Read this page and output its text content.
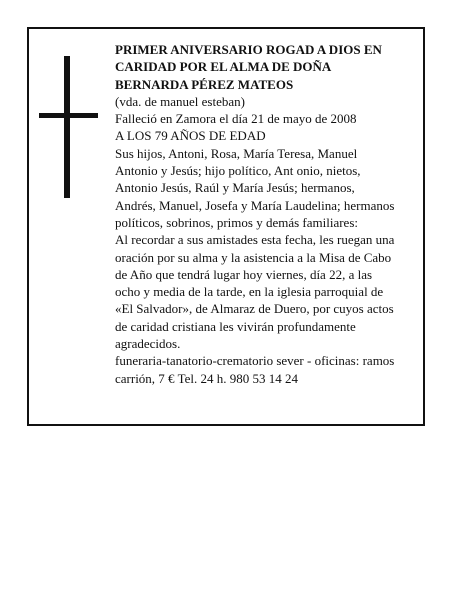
PRIMER ANIVERSARIO ROGAD A DIOS EN CARIDAD POR EL ALMA DE DOÑA BERNARDA PÉREZ MATEOS

(vda. de manuel esteban)

Falleció en Zamora el día 21 de mayo de 2008

A LOS 79 AÑOS DE EDAD

Sus hijos, Antoni, Rosa, María Teresa, Manuel Antonio y Jesús; hijo político, Ant onio, nietos, Antonio Jesús, Raúl y María Jesús; hermanos, Andrés, Manuel, Josefa y María Laudelina; hermanos políticos, sobrinos, primos y demás familiares:

Al recordar a sus amistades esta fecha, les ruegan una oración por su alma y la asistencia a la Misa de Cabo de Año que tendrá lugar hoy viernes, día 22, a las ocho y media de la tarde, en la iglesia parroquial de «El Salvador», de Almaraz de Duero, por cuyos actos de caridad cristiana les vivirán profundamente agradecidos.

funeraria-tanatorio-crematorio sever - oficinas: ramos carrión, 7 € Tel. 24 h. 980 53 14 24
